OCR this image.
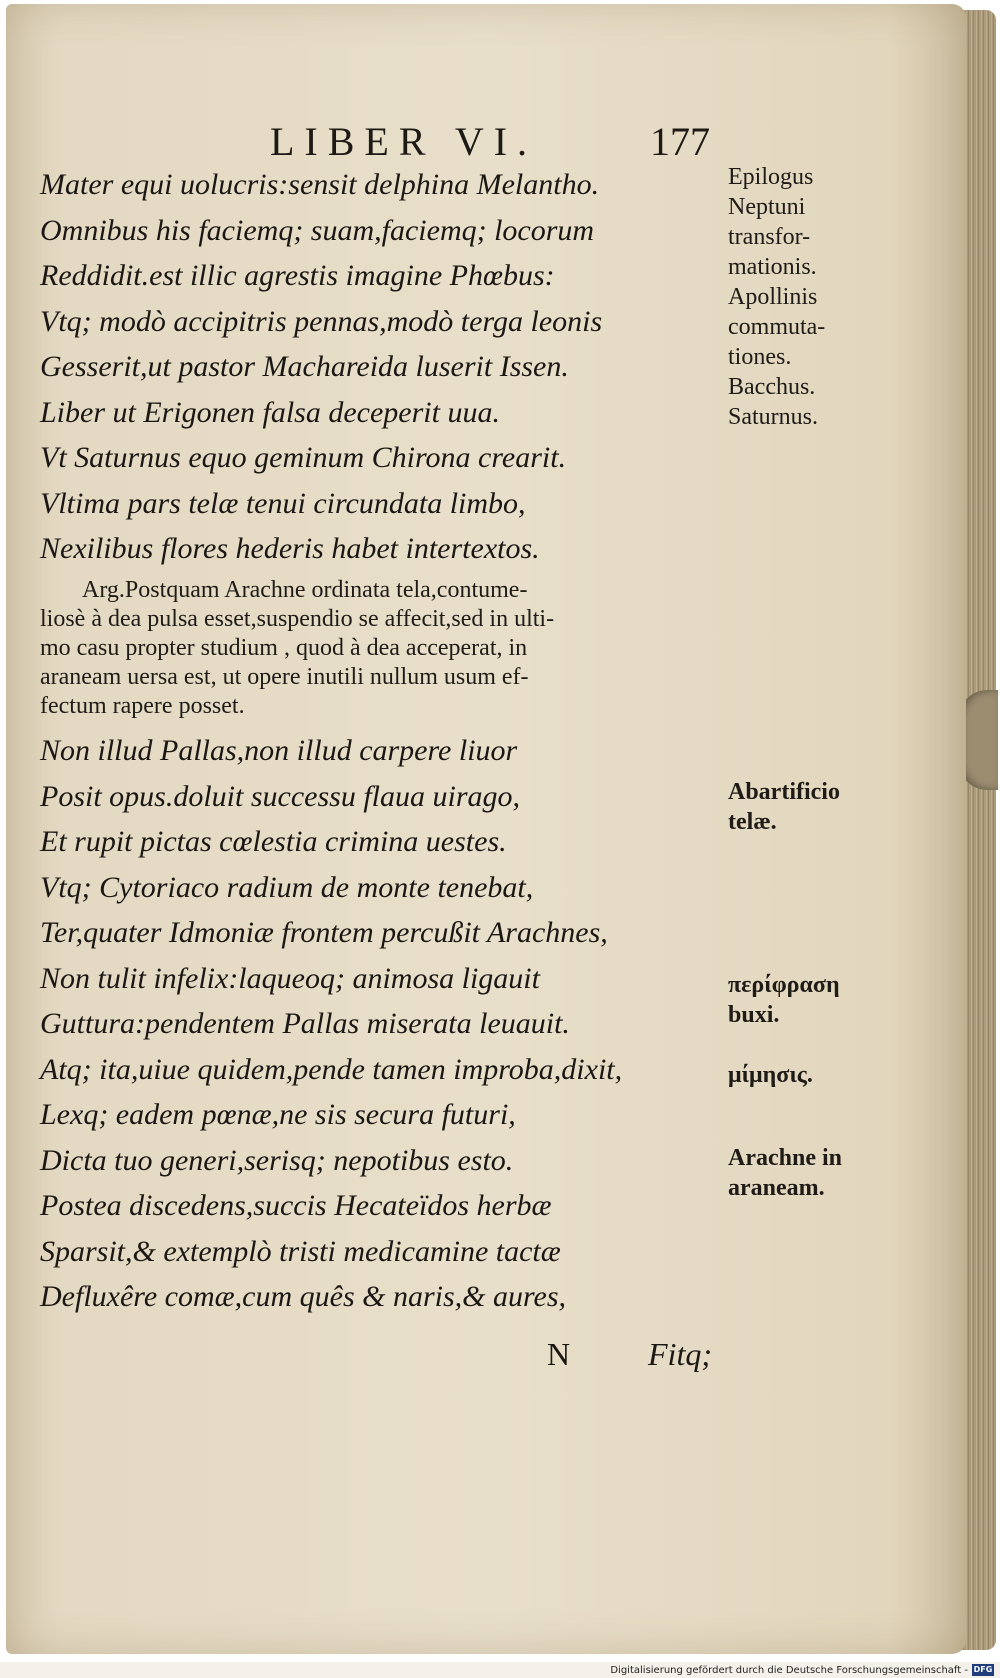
LIBER VI.	177
Mater equi uolucris:sensit delphina Melantho.
Omnibus his faciemq; suam,faciemq; locorum
Reddidit.est illic agrestis imagine Phœbus:
Vtq; modò accipitris pennas,modò terga leonis
Gesserit,ut pastor Machareida luserit Issen.
Liber ut Erigonen falsa deceperit uua.
Vt Saturnus equo geminum Chirona crearit.
Vltima pars telæ tenui circundata limbo,
Nexilibus flores hederis habet intertextos.
Arg.Postquam Arachne ordinata tela,contume-
liosè à dea pulsa esset,suspendio se affecit,sed in ulti-
mo casu propter studium , quod à dea acceperat, in
araneam uersa est, ut opere inutili nullum usum ef-
fectum rapere posset.
Non illud Pallas,non illud carpere liuor
Posit opus.doluit successu flaua uirago,
Et rupit pictas cœlestia crimina uestes.
Vtq; Cytoriaco radium de monte tenebat,
Ter,quater Idmoniæ frontem percußit Arachnes,
Non tulit infelix:laqueoq; animosa ligauit
Guttura:pendentem Pallas miserata leuauit.
Atq; ita,uiue quidem,pende tamen improba,dixit,
Lexq; eadem pœnæ,ne sis secura futuri,
Dicta tuo generi,serisq; nepotibus esto.
Postea discedens,succis Hecateïdos herbæ
Sparsit,& extemplò tristi medicamine tactæ
Defluxêre comæ,cum quês & naris,& aures,
Epilogus
Neptuni
transfor-
mationis.
Apollinis
commuta-
tiones.
Bacchus.
Saturnus.
Abartificio
telæ.
περίφραση
buxi.
μίμησις.
Arachne in
araneam.
N Fitq;
Digitalisierung gefördert durch die Deutsche Forschungsgemeinschaft - DFG
